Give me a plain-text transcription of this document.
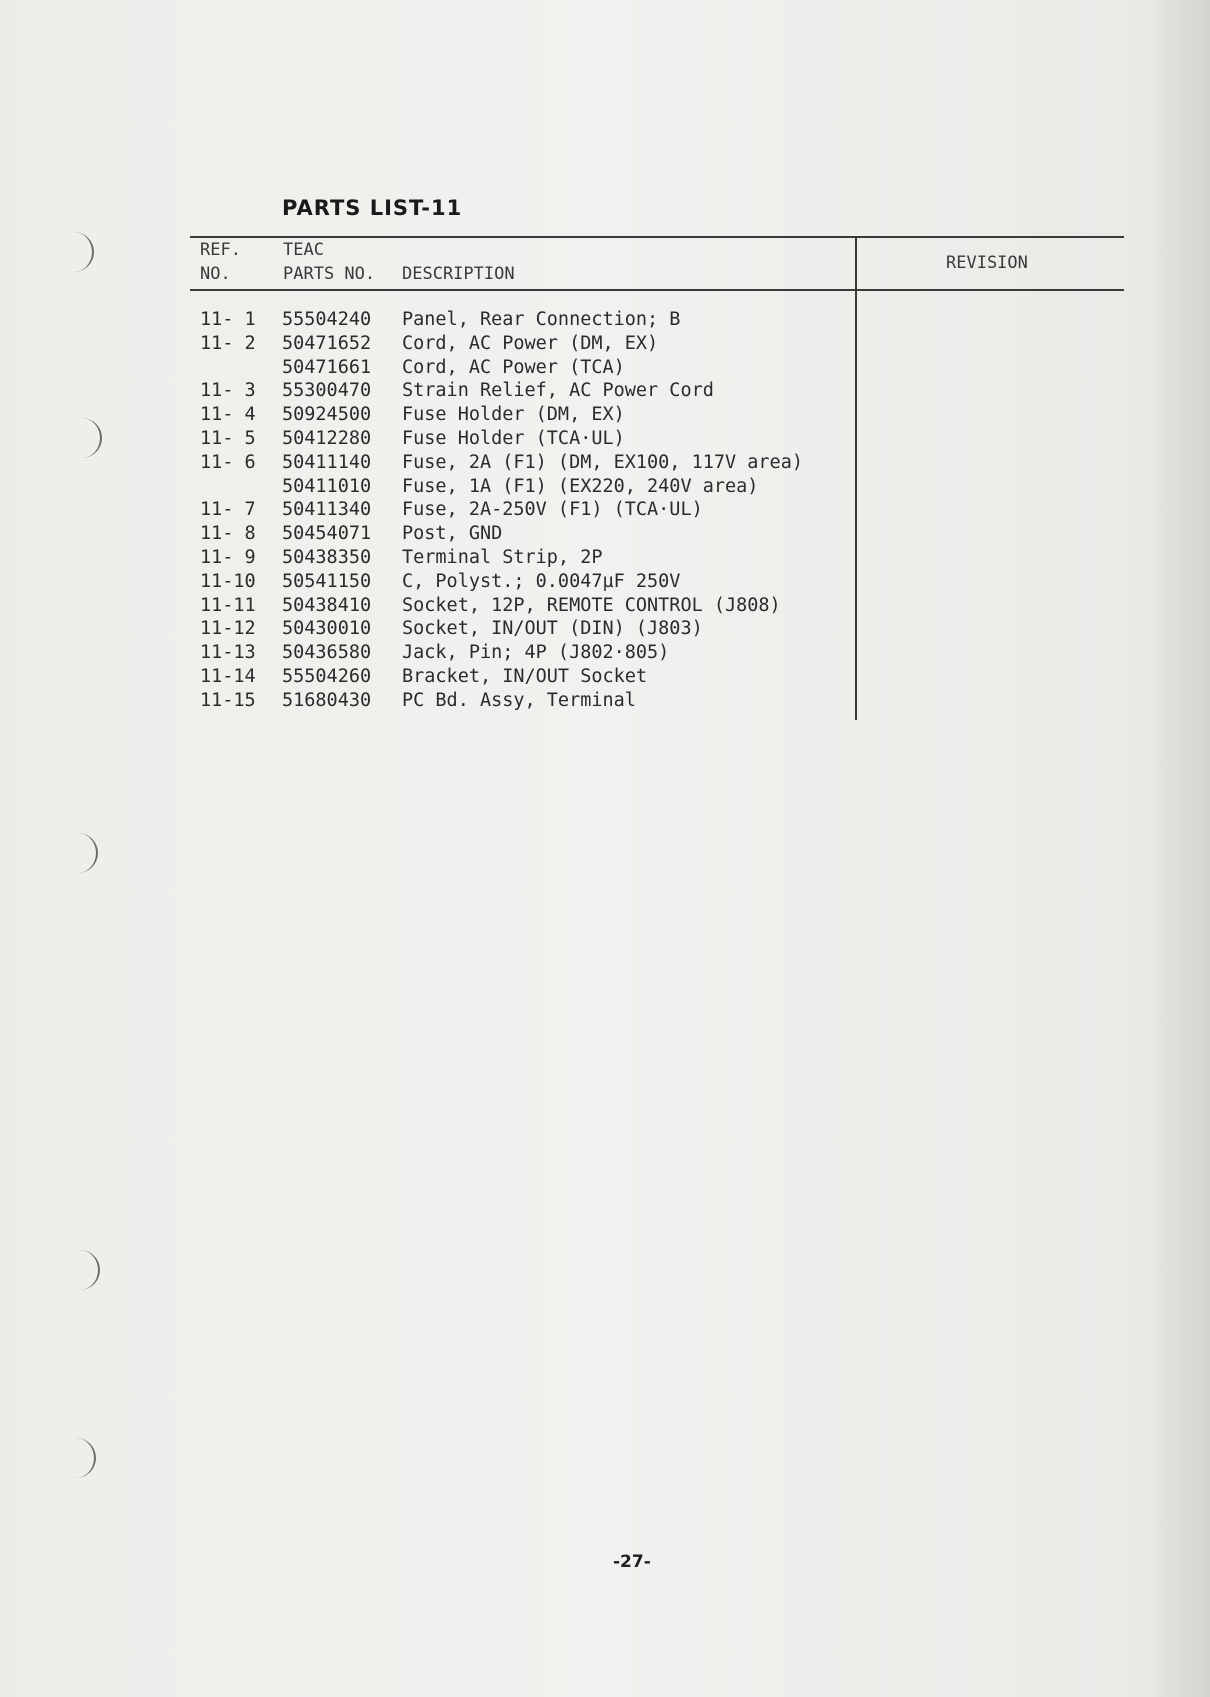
PARTS LIST-11
REF.
NO.
TEAC
PARTS NO. DESCRIPTION
REVISION
11- 1 55504240 Panel, Rear Connection; B
11- 2 50471652 Cord, AC Power (DM, EX)
50471661 Cord, AC Power (TCA)
11- 3 55300470 Strain Relief, AC Power Cord
11- 4 50924500 Fuse Holder (DM, EX)
11- 5 50412280 Fuse Holder (TCA·UL)
11- 6 50411140 Fuse, 2A (F1) (DM, EX100, 117V area)
50411010 Fuse, 1A (F1) (EX220, 240V area)
11- 7 50411340 Fuse, 2A-250V (F1) (TCA·UL)
11- 8 50454071 Post, GND
11- 9 50438350 Terminal Strip, 2P
11-10 50541150 C, Polyst.; 0.0047µF 250V
11-11 50438410 Socket, 12P, REMOTE CONTROL (J808)
11-12 50430010 Socket, IN/OUT (DIN) (J803)
11-13 50436580 Jack, Pin; 4P (J802·805)
11-14 55504260 Bracket, IN/OUT Socket
11-15 51680430 PC Bd. Assy, Terminal
-27-
